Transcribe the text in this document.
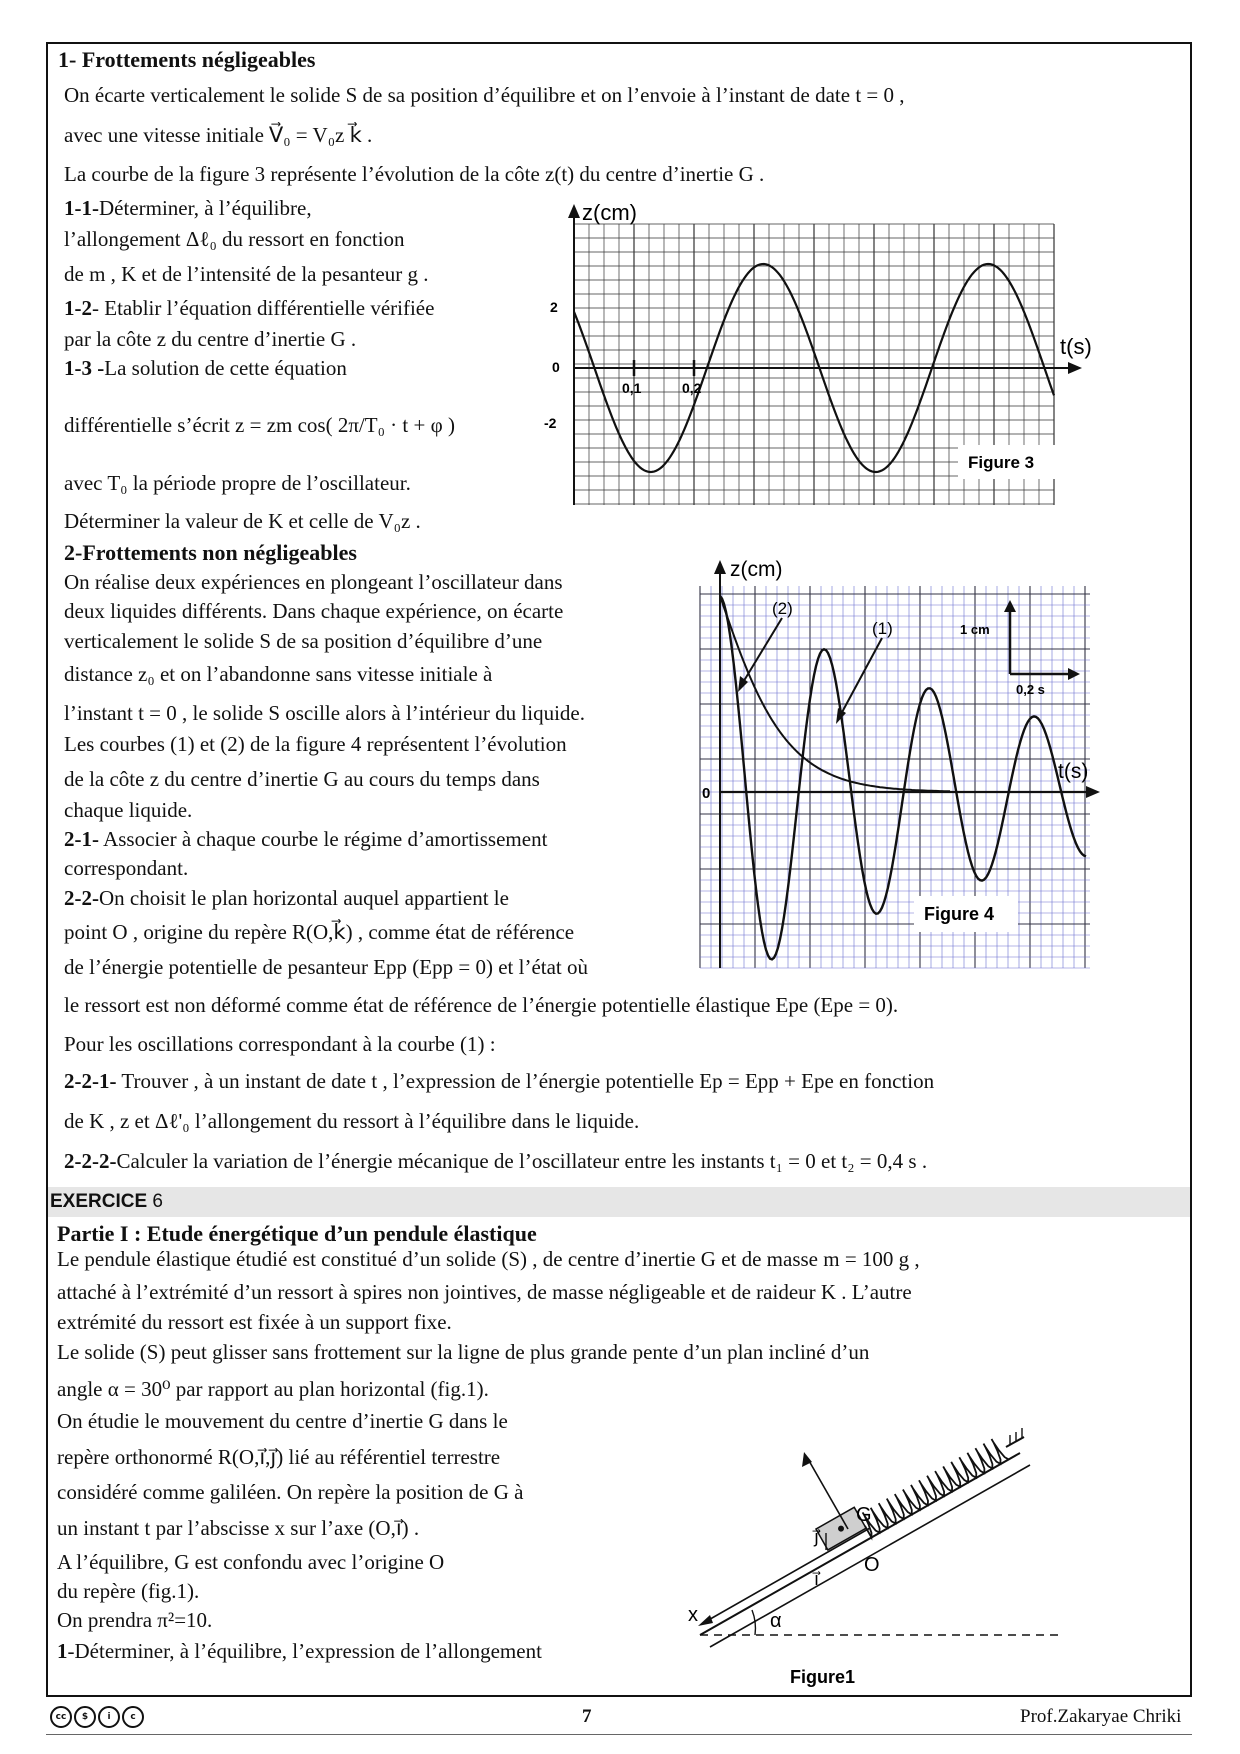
1- Frottements négligeables
On écarte verticalement le solide S de sa position d’équilibre et on l’envoie à l’instant de date t = 0 ,
avec une vitesse initiale V⃗₀ = V₀z k⃗ .
La courbe de la figure 3 représente l’évolution de la côte z(t) du centre d’inertie G .
1-1-Déterminer, à l’équilibre,
l’allongement Δℓ₀ du ressort en fonction
de m , K et de l’intensité de la pesanteur g .
1-2- Etablir l’équation différentielle vérifiée
par la côte z du centre d’inertie G .
1-3 -La solution de cette équation
différentielle s’écrit z = zm cos( 2π/T₀ · t + φ )
avec T₀ la période propre de l’oscillateur.
Déterminer la valeur de K et celle de V₀z .
z(cm)
t(s)
2
0
-2
0,1	0,2
Figure 3
2-Frottements non négligeables
On réalise deux expériences en plongeant l’oscillateur dans
deux liquides différents. Dans chaque expérience, on écarte
verticalement le solide S de sa position d’équilibre d’une
distance z₀ et on l’abandonne sans vitesse initiale à
l’instant t = 0 , le solide S oscille alors à l’intérieur du liquide.
Les courbes (1) et (2) de la figure 4 représentent l’évolution
de la côte z du centre d’inertie G au cours du temps dans
chaque liquide.
2-1- Associer à chaque courbe le régime d’amortissement
correspondant.
2-2-On choisit le plan horizontal auquel appartient le
point O , origine du repère R(O,k⃗) , comme état de référence
de l’énergie potentielle de pesanteur Epp (Epp = 0) et l’état où
le ressort est non déformé comme état de référence de l’énergie potentielle élastique Epe (Epe = 0).
Pour les oscillations correspondant à la courbe (1) :
2-2-1- Trouver , à un instant de date t , l’expression de l’énergie potentielle Ep = Epp + Epe en fonction
de K , z et Δℓ'₀ l’allongement du ressort à l’équilibre dans le liquide.
2-2-2-Calculer la variation de l’énergie mécanique de l’oscillateur entre les instants t₁ = 0 et t₂ = 0,4 s .
z(cm)
t(s)
0
(2)
(1)	1 cm
0,2 s
Figure 4
EXERCICE 6
Partie I : Etude énergétique d’un pendule élastique
Le pendule élastique étudié est constitué d’un solide (S) , de centre d’inertie G et de masse m = 100 g ,
attaché à l’extrémité d’un ressort à spires non jointives, de masse négligeable et de raideur K . L’autre
extrémité du ressort est fixée à un support fixe.
Le solide (S) peut glisser sans frottement sur la ligne de plus grande pente d’un plan incliné d’un
angle α = 30⁰ par rapport au plan horizontal (fig.1).
On étudie le mouvement du centre d’inertie G dans le
repère orthonormé R(O,i⃗,j⃗) lié au référentiel terrestre
considéré comme galiléen. On repère la position de G à
un instant t par l’abscisse x sur l’axe (O,i⃗) .
A l’équilibre, G est confondu avec l’origine O
du repère (fig.1).
On prendra π²=10.
1-Déterminer, à l’équilibre, l’expression de l’allongement
x	α
j⃗
G
O
i⃗
Figure1
cc	$	i	c	7	Prof.Zakaryae Chriki
